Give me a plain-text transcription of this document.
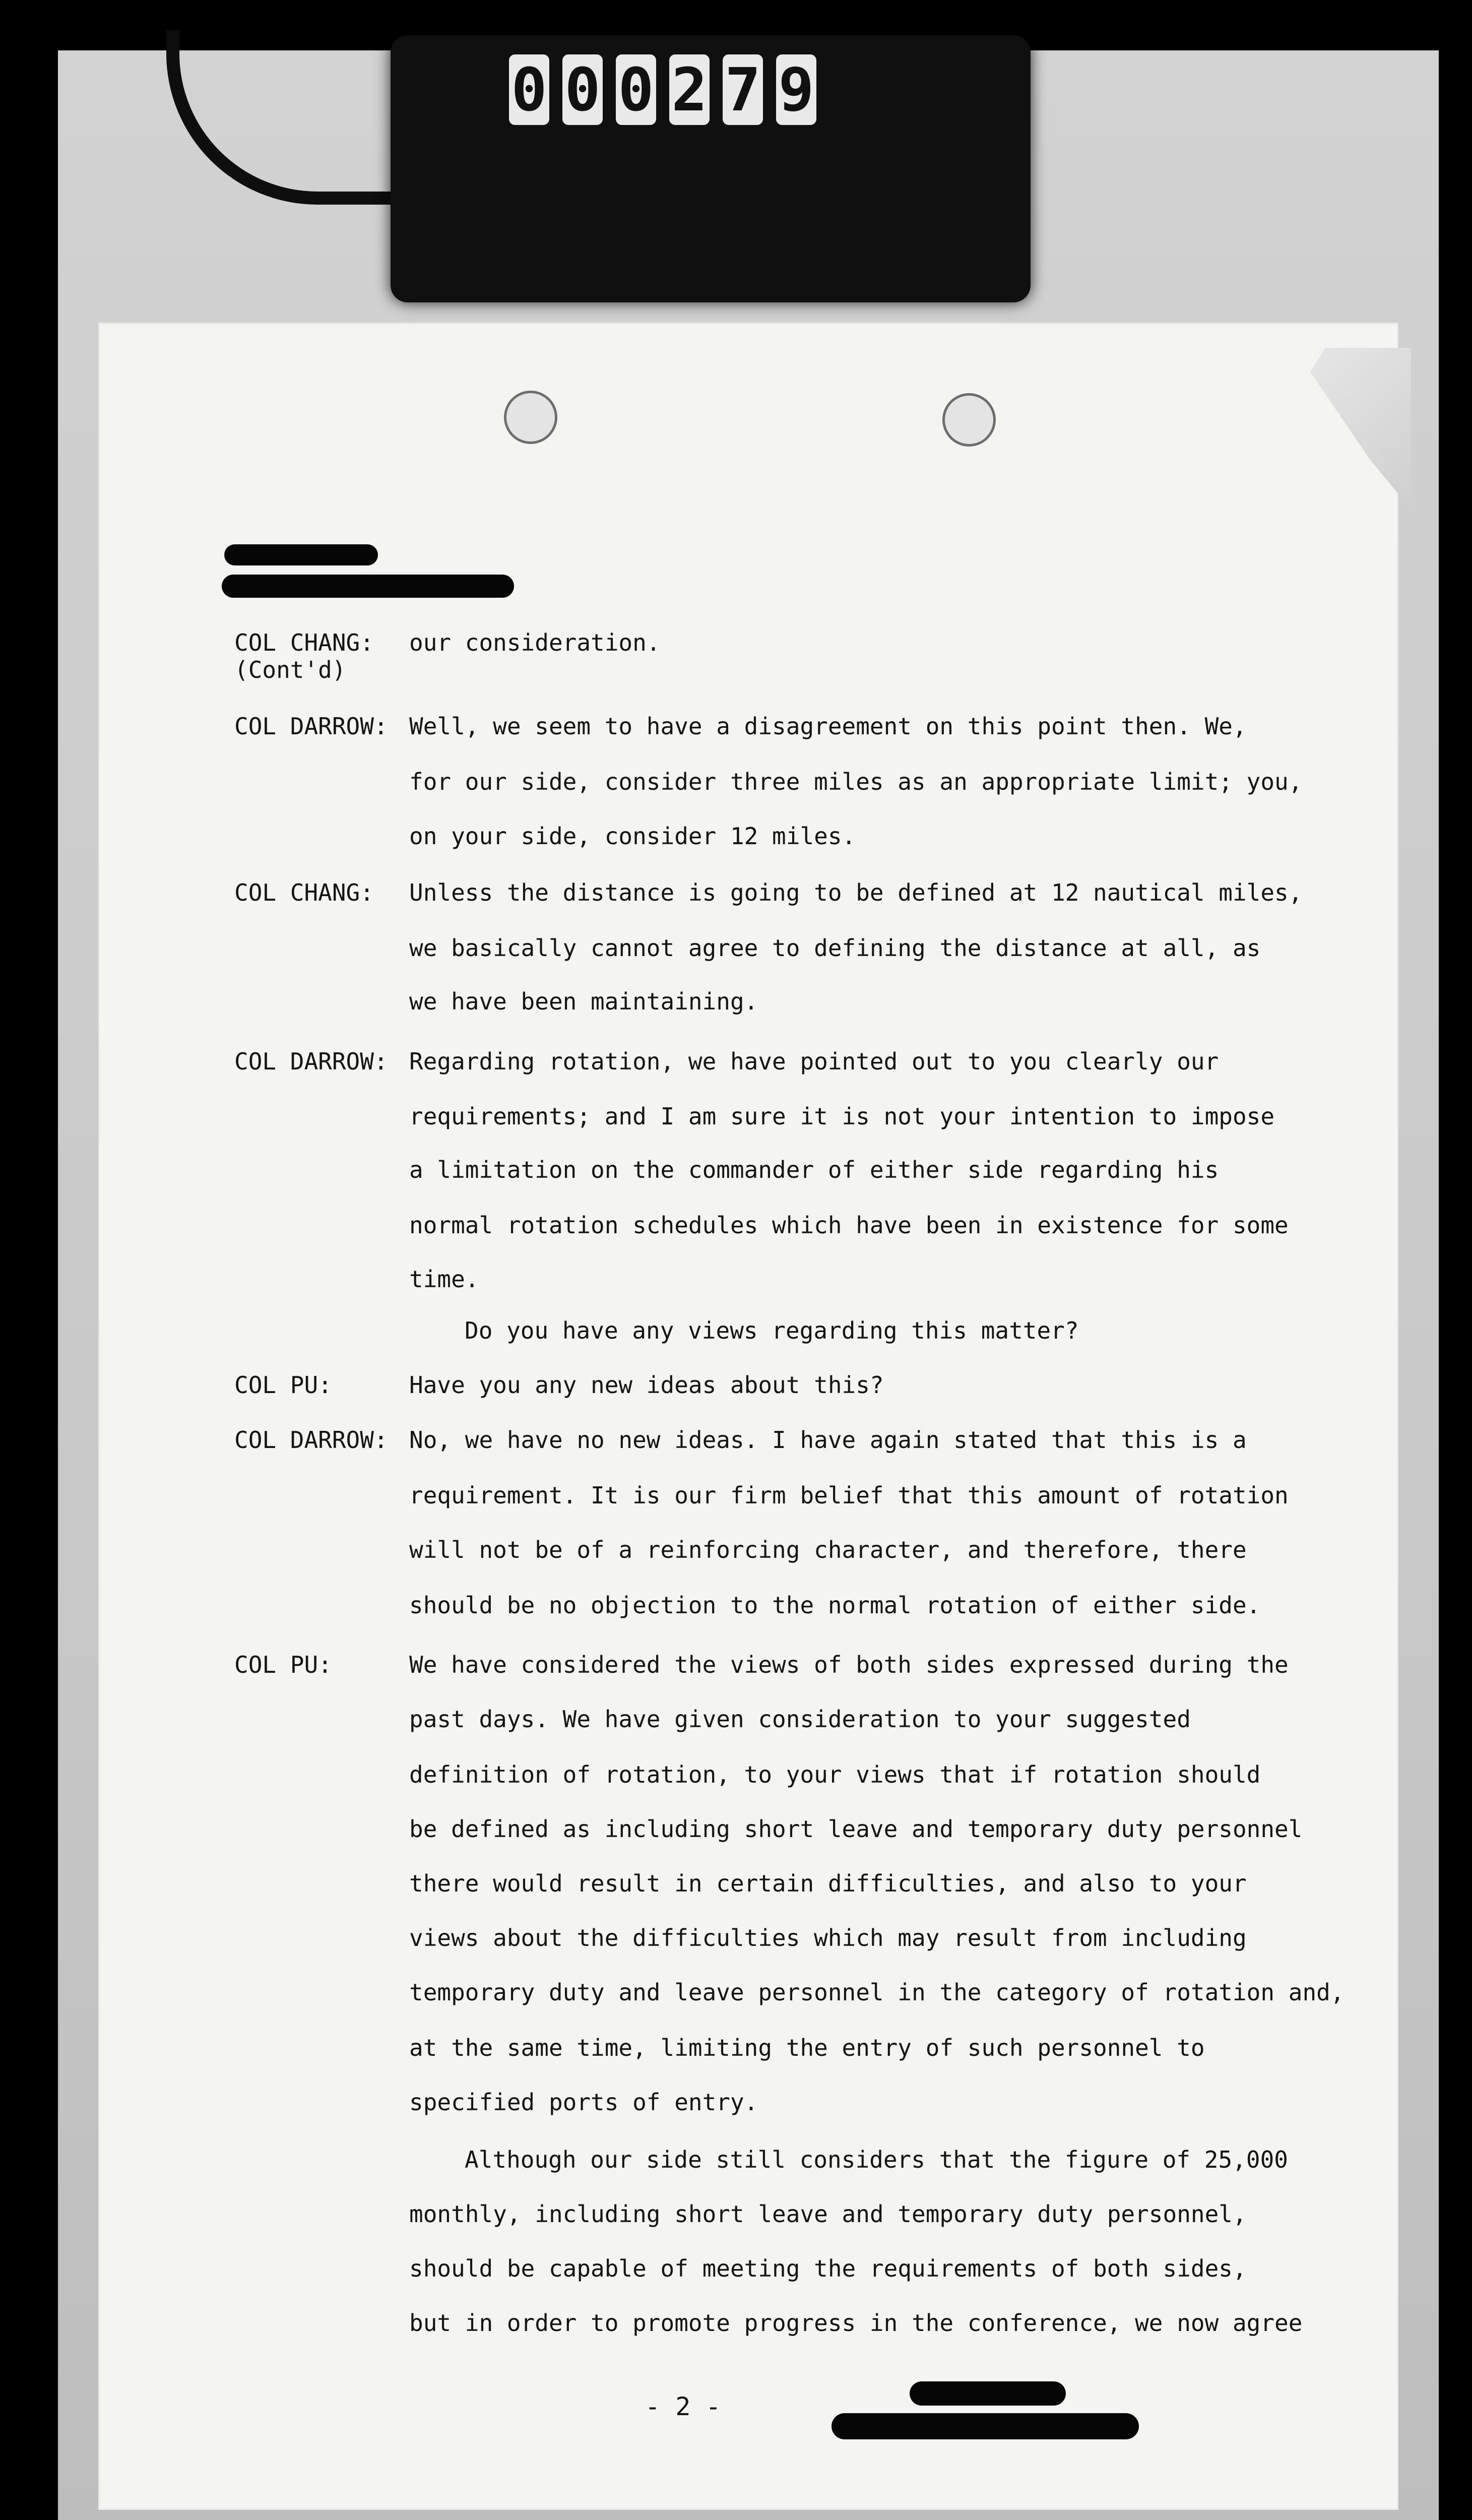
0 0 0 2 7 9
COL CHANG:
(Cont'd)
COL DARROW:
COL CHANG:
COL DARROW:
COL PU:
COL DARROW:
COL PU:
our consideration.
Well, we seem to have a disagreement on this point then. We,
for our side, consider three miles as an appropriate limit; you,
on your side, consider 12 miles.
Unless the distance is going to be defined at 12 nautical miles,
we basically cannot agree to defining the distance at all, as
we have been maintaining.
Regarding rotation, we have pointed out to you clearly our
requirements; and I am sure it is not your intention to impose
a limitation on the commander of either side regarding his
normal rotation schedules which have been in existence for some
time.
Do you have any views regarding this matter?
Have you any new ideas about this?
No, we have no new ideas. I have again stated that this is a
requirement. It is our firm belief that this amount of rotation
will not be of a reinforcing character, and therefore, there
should be no objection to the normal rotation of either side.
We have considered the views of both sides expressed during the
past days. We have given consideration to your suggested
definition of rotation, to your views that if rotation should
be defined as including short leave and temporary duty personnel
there would result in certain difficulties, and also to your
views about the difficulties which may result from including
temporary duty and leave personnel in the category of rotation and,
at the same time, limiting the entry of such personnel to
specified ports of entry.
Although our side still considers that the figure of 25,000
monthly, including short leave and temporary duty personnel,
should be capable of meeting the requirements of both sides,
but in order to promote progress in the conference, we now agree
- 2 -
